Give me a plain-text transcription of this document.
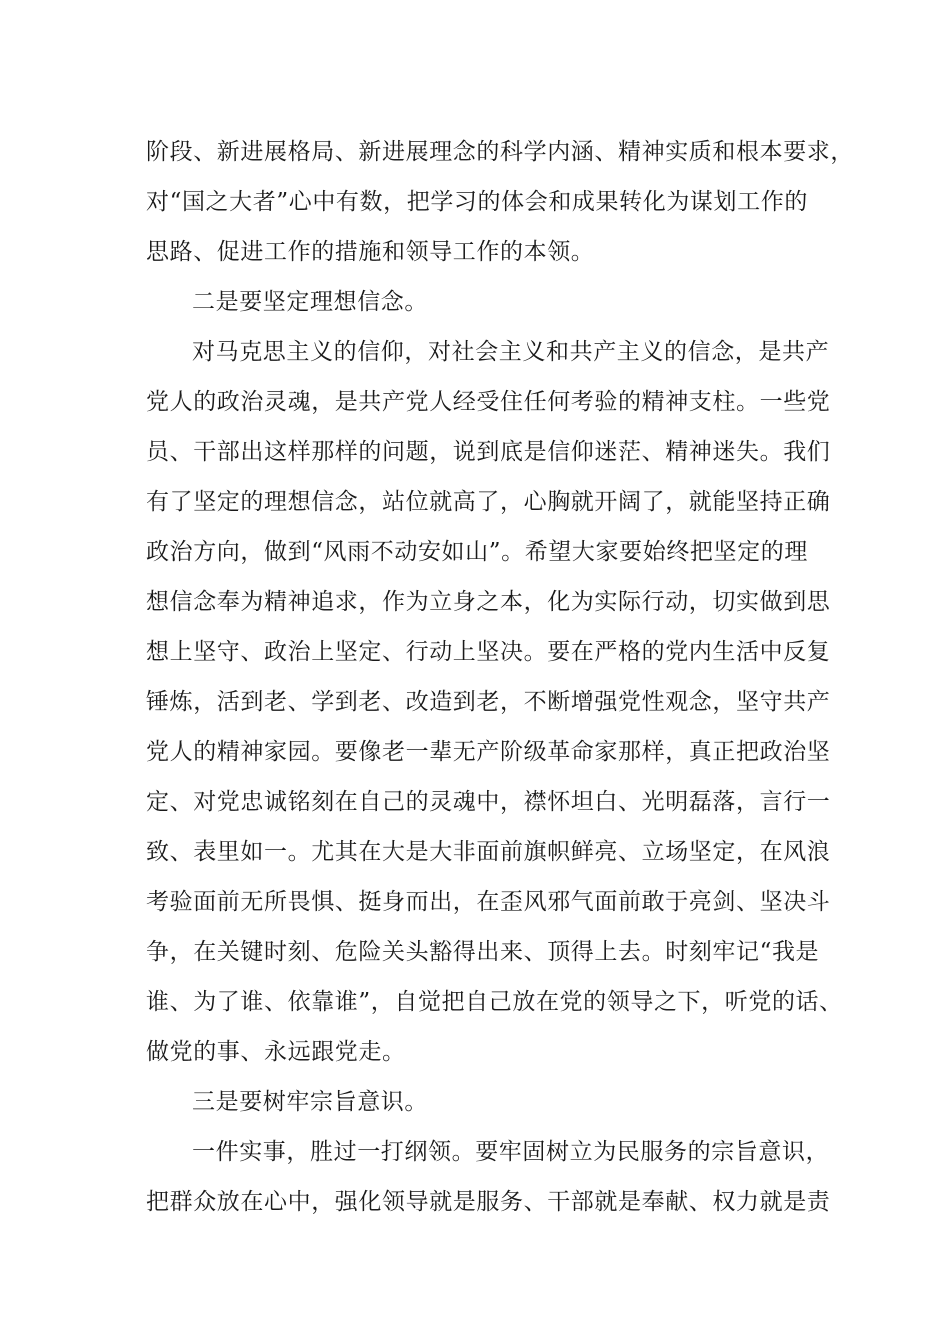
阶段、新进展格局、新进展理念的科学内涵、精神实质和根本要求，
对“国之大者”心中有数，把学习的体会和成果转化为谋划工作的
思路、促进工作的措施和领导工作的本领。
二是要坚定理想信念。
对马克思主义的信仰，对社会主义和共产主义的信念，是共产
党人的政治灵魂，是共产党人经受住任何考验的精神支柱。一些党
员、干部出这样那样的问题，说到底是信仰迷茫、精神迷失。我们
有了坚定的理想信念，站位就高了，心胸就开阔了，就能坚持正确
政治方向，做到“风雨不动安如山”。希望大家要始终把坚定的理
想信念奉为精神追求，作为立身之本，化为实际行动，切实做到思
想上坚守、政治上坚定、行动上坚决。要在严格的党内生活中反复
锤炼，活到老、学到老、改造到老，不断增强党性观念，坚守共产
党人的精神家园。要像老一辈无产阶级革命家那样，真正把政治坚
定、对党忠诚铭刻在自己的灵魂中，襟怀坦白、光明磊落，言行一
致、表里如一。尤其在大是大非面前旗帜鲜亮、立场坚定，在风浪
考验面前无所畏惧、挺身而出，在歪风邪气面前敢于亮剑、坚决斗
争，在关键时刻、危险关头豁得出来、顶得上去。时刻牢记“我是
谁、为了谁、依靠谁”，自觉把自己放在党的领导之下，听党的话、
做党的事、永远跟党走。
三是要树牢宗旨意识。
一件实事，胜过一打纲领。要牢固树立为民服务的宗旨意识，
把群众放在心中，强化领导就是服务、干部就是奉献、权力就是责
